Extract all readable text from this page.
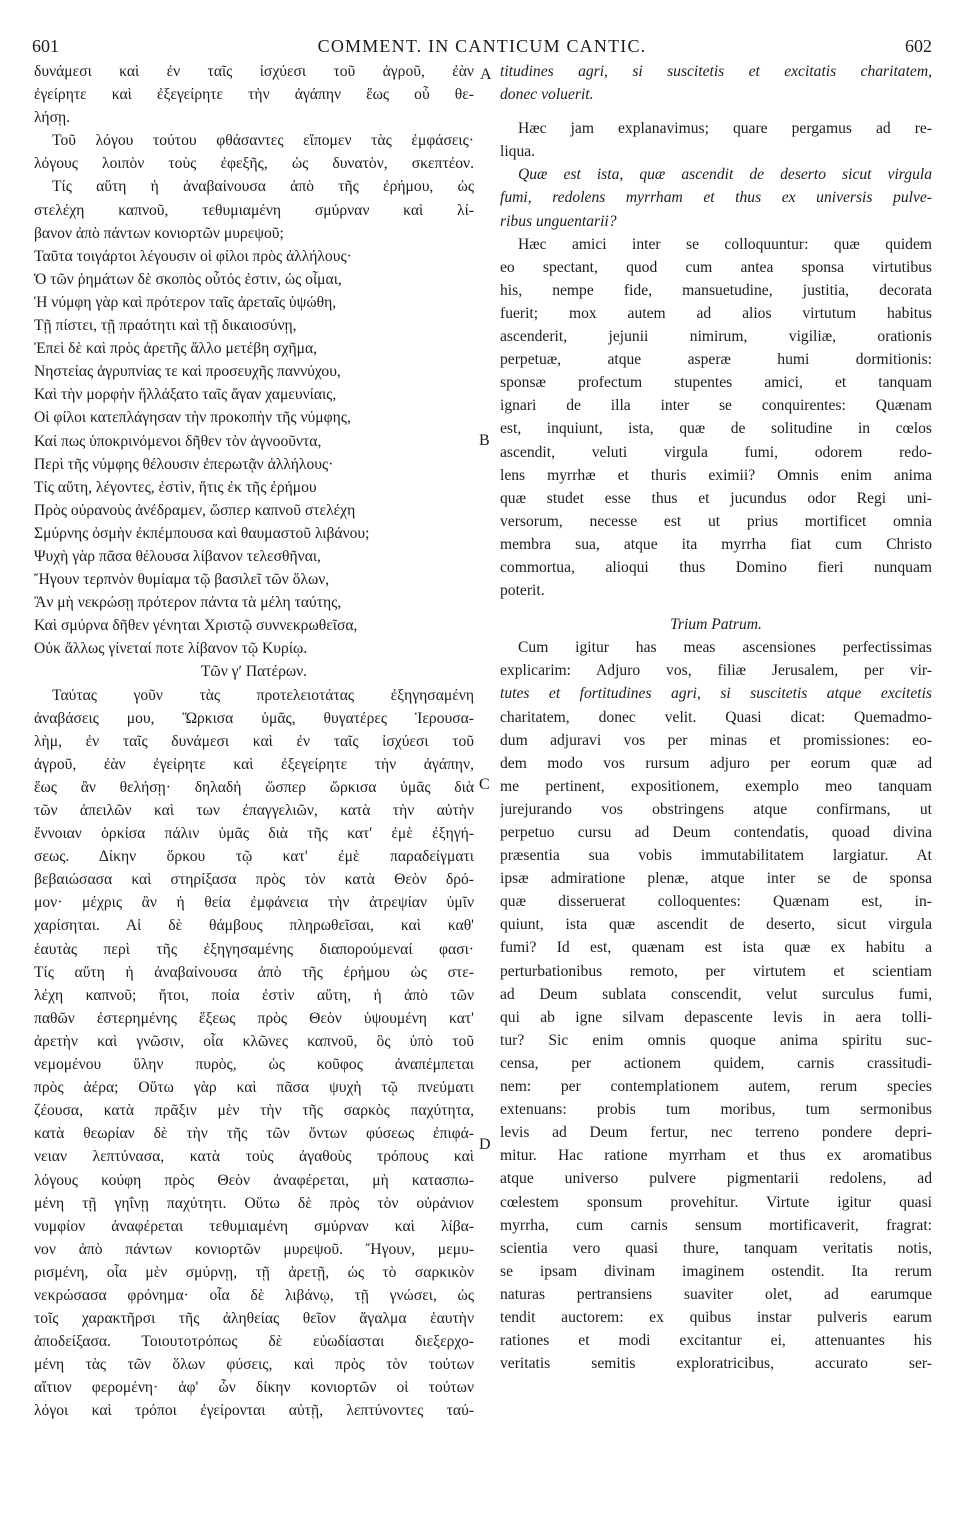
601	COMMENT. IN CANTICUM CANTIC.	602
δυνάμεσι καὶ ἐν ταῖς ἰσχύεσι τοῦ ἀγροῦ, ἐὰν
ἐγείρητε καὶ ἐξεγείρητε τὴν ἀγάπην ἕως οὗ θε-
λήσῃ.
Τοῦ λόγου τούτου φθάσαντες εἴπομεν τὰς ἐμφάσεις·
λόγους λοιπὸν τοὺς ἐφεξῆς, ὡς δυνατὸν, σκεπτέον.
Τίς αὕτη ἡ ἀναβαίνουσα ἀπὸ τῆς ἐρήμου, ὡς
στελέχη καπνοῦ, τεθυμιαμένη σμύρναν καὶ λί-
βανον ἀπὸ πάντων κονιορτῶν μυρεψοῦ;
Ταῦτα τοιγάρτοι λέγουσιν οἱ φίλοι πρὸς ἀλλήλους·
Ὁ τῶν ῥημάτων δὲ σκοπὸς οὗτός ἐστιν, ὡς οἶμαι,
Ἡ νύμφη γὰρ καὶ πρότερον ταῖς ἀρεταῖς ὑψώθη,
Τῇ πίστει, τῇ πραότητι καὶ τῇ δικαιοσύνῃ,
Ἐπεὶ δὲ καὶ πρὸς ἀρετῆς ἄλλο μετέβη σχῆμα,
Νηστείας ἀγρυπνίας τε καὶ προσευχῆς παννύχου,
Καὶ τὴν μορφὴν ἤλλάξατο ταῖς ἄγαν χαμευνίαις,
Οἱ φίλοι κατεπλάγησαν τὴν προκοπὴν τῆς νύμφης,
Καί πως ὑποκρινόμενοι δῆθεν τὸν ἀγνοοῦντα,
Περὶ τῆς νύμφης θέλουσιν ἐπερωτᾷν ἀλλήλους·
Τίς αὕτη, λέγοντες, ἐστὶν, ἥτις ἐκ τῆς ἐρήμου
Πρὸς οὐρανοὺς ἀνέδραμεν, ὥσπερ καπνοῦ στελέχη
Σμύρνης ὀσμὴν ἐκπέμπουσα καὶ θαυμαστοῦ λιβάνου;
Ψυχὴ γὰρ πᾶσα θέλουσα λίβανον τελεσθῆναι,
Ἤγουν τερπνὸν θυμίαμα τῷ βασιλεῖ τῶν ὅλων,
Ἂν μὴ νεκρώσῃ πρότερον πάντα τὰ μέλη ταύτης,
Καὶ σμύρνα δῆθεν γένηται Χριστῷ συννεκρωθεῖσα,
Οὐκ ἄλλως γίνεταί ποτε λίβανον τῷ Κυρίῳ.
Τῶν γʹ Πατέρων.
Ταύτας γοῦν τὰς προτελειοτάτας ἐξηγησαμένη
ἀναβάσεις μου, Ὥρκισα ὑμᾶς, θυγατέρες Ἱερουσα-
λὴμ, ἐν ταῖς δυνάμεσι καὶ ἐν ταῖς ἰσχύεσι τοῦ
ἀγροῦ, ἐὰν ἐγείρητε καὶ ἐξεγείρητε τὴν ἀγάπην,
ἕως ἂν θελήσῃ· δηλαδὴ ὥσπερ ὥρκισα ὑμᾶς διὰ
τῶν ἀπειλῶν καὶ των ἐπαγγελιῶν, κατὰ τὴν αὐτὴν
ἔννοιαν ὁρκίσα πάλιν ὑμᾶς διὰ τῆς κατ' ἐμὲ ἐξηγή-
σεως. Δίκην ὅρκου τῷ κατ' ἐμὲ παραδείγματι
βεβαιώσασα καὶ στηρίξασα πρὸς τὸν κατὰ Θεὸν δρό-
μον· μέχρις ἂν ἡ θεία ἐμφάνεια τὴν ἀτρεψίαν ὑμῖν
χαρίσηται. Αἱ δὲ θάμβους πληρωθεῖσαι, καὶ καθ'
ἑαυτὰς περὶ τῆς ἐξηγησαμένης διαπορούμεναί φασι·
Τίς αὕτη ἡ ἀναβαίνουσα ἀπὸ τῆς ἐρήμου ὡς στε-
λέχη καπνοῦ; ἤτοι, ποία ἐστὶν αὕτη, ἡ ἀπὸ τῶν
παθῶν ἐστερημένης ἕξεως πρὸς Θεὸν ὑψουμένη κατ'
ἀρετὴν καὶ γνῶσιν, οἷα κλῶνες καπνοῦ, ὃς ὑπὸ τοῦ
νεμομένου ὕλην πυρὸς, ὡς κοῦφος ἀναπέμπεται
πρὸς ἀέρα; Οὕτω γὰρ καὶ πᾶσα ψυχὴ τῷ πνεύματι
ζέουσα, κατὰ πρᾶξιν μὲν τὴν τῆς σαρκὸς παχύτητα,
κατὰ θεωρίαν δὲ τὴν τῆς τῶν ὄντων φύσεως ἐπιφά-
νειαν λεπτύνασα, κατὰ τοὺς ἀγαθοὺς τρόπους καὶ
λόγους κούφη πρὸς Θεὸν ἀναφέρεται, μὴ κατασπω-
μένη τῇ γηΐνῃ παχύτητι. Οὕτω δὲ πρὸς τὸν οὐράνιον
νυμφίον ἀναφέρεται τεθυμιαμένη σμύρναν καὶ λίβα-
νον ἀπὸ πάντων κονιορτῶν μυρεψοῦ. Ἤγουν, μεμυ-
ρισμένη, οἷα μὲν σμύρνῃ, τῇ ἀρετῇ, ὡς τὸ σαρκικὸν
νεκρώσασα φρόνημα· οἷα δὲ λιβάνῳ, τῇ γνώσει, ὡς
τοῖς χαρακτῆρσι τῆς ἀληθείας θεῖον ἄγαλμα ἑαυτὴν
ἀποδείξασα. Τοιουτοτρόπως δὲ εὐωδίασται διεξερχο-
μένη τὰς τῶν ὅλων φύσεις, καὶ πρὸς τὸν τούτων
αἴτιον φερομένη· ἀφ' ὧν δίκην κονιορτῶν οἱ τούτων
λόγοι καὶ τρόποι ἐγείρονται αὐτῇ, λεπτύνοντες ταύ-
A
B
C
D
titudines agri, si suscitetis et excitatis charitatem,
donec voluerit.
Hæc jam explanavimus; quare pergamus ad re-
liqua.
Quæ est ista, quæ ascendit de deserto sicut virgula
fumi, redolens myrrham et thus ex universis pulve-
ribus unguentarii?
Hæc amici inter se colloquuntur: quæ quidem
eo spectant, quod cum antea sponsa virtutibus
his, nempe fide, mansuetudine, justitia, decorata
fuerit; mox autem ad alios virtutum habitus
ascenderit, jejunii nimirum, vigiliæ, orationis
perpetuæ, atque asperæ humi dormitionis:
sponsæ profectum stupentes amici, et tanquam
ignari de illa inter se conquirentes: Quænam
est, inquiunt, ista, quæ de solitudine in cœlos
ascendit, veluti virgula fumi, odorem redo-
lens myrrhæ et thuris eximii? Omnis enim anima
quæ studet esse thus et jucundus odor Regi uni-
versorum, necesse est ut prius mortificet omnia
membra sua, atque ita myrrha fiat cum Christo
commortua, alioqui thus Domino fieri nunquam
poterit.
Trium Patrum.
Cum igitur has meas ascensiones perfectissimas
explicarim: Adjuro vos, filiæ Jerusalem, per vir-
tutes et fortitudines agri, si suscitetis atque excitetis
charitatem, donec velit. Quasi dicat: Quemadmo-
dum adjuravi vos per minas et promissiones: eo-
dem modo vos rursum adjuro per eorum quæ ad
me pertinent, expositionem, exemplo meo tanquam
jurejurando vos obstringens atque confirmans, ut
perpetuo cursu ad Deum contendatis, quoad divina
præsentia sua vobis immutabilitatem largiatur. At
ipsæ admiratione plenæ, atque inter se de sponsa
quæ disseruerat colloquentes: Quænam est, in-
quiunt, ista quæ ascendit de deserto, sicut virgula
fumi? Id est, quænam est ista quæ ex habitu a
perturbationibus remoto, per virtutem et scientiam
ad Deum sublata conscendit, velut surculus fumi,
qui ab igne silvam depascente levis in aera tolli-
tur? Sic enim omnis quoque anima spiritu suc-
censa, per actionem quidem, carnis crassitudi-
nem: per contemplationem autem, rerum species
extenuans: probis tum moribus, tum sermonibus
levis ad Deum fertur, nec terreno pondere depri-
mitur. Hac ratione myrrham et thus ex aromatibus
atque universo pulvere pigmentarii redolens, ad
cœlestem sponsum provehitur. Virtute igitur quasi
myrrha, cum carnis sensum mortificaverit, fragrat:
scientia vero quasi thure, tanquam veritatis notis,
se ipsam divinam imaginem ostendit. Ita rerum
naturas pertransiens suaviter olet, ad earumque
tendit auctorem: ex quibus instar pulveris earum
rationes et modi excitantur ei, attenuantes his
veritatis semitis exploratricibus, accurato ser-
